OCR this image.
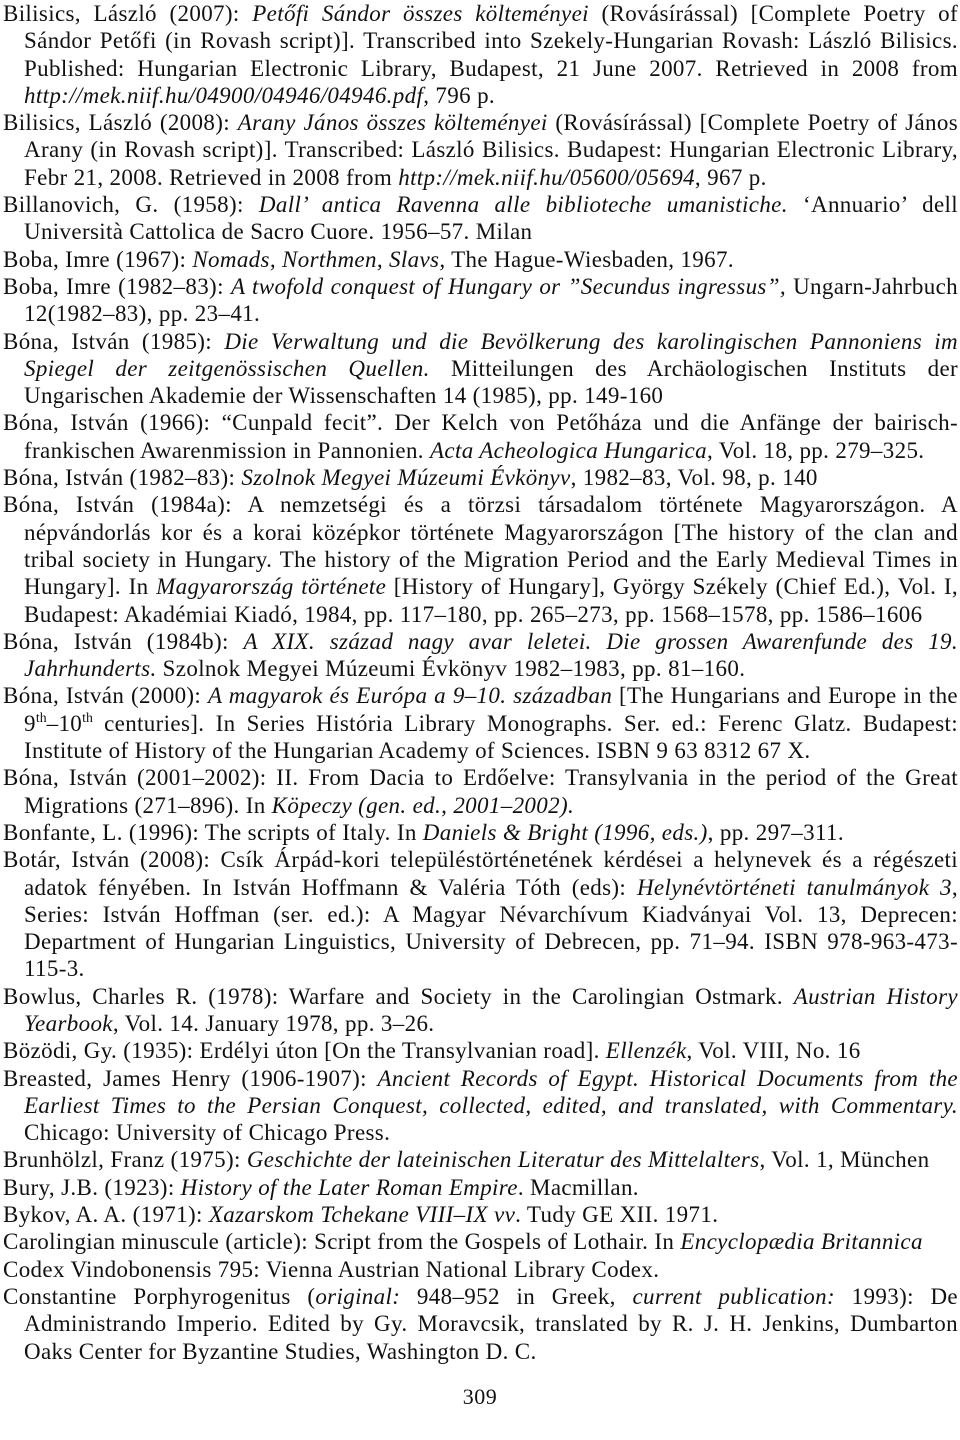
Bilisics, László (2007): Petőfi Sándor összes költeményei (Rovásírással) [Complete Poetry of
Sándor Petőfi (in Rovash script)]. Transcribed into Szekely-Hungarian Rovash: László Bilisics.
Published: Hungarian Electronic Library, Budapest, 21 June 2007. Retrieved in 2008 from
http://mek.niif.hu/04900/04946/04946.pdf, 796 p.
Bilisics, László (2008): Arany János összes költeményei (Rovásírással) [Complete Poetry of János
Arany (in Rovash script)]. Transcribed: László Bilisics. Budapest: Hungarian Electronic Library,
Febr 21, 2008. Retrieved in 2008 from http://mek.niif.hu/05600/05694, 967 p.
Billanovich, G. (1958): Dall’ antica Ravenna alle biblioteche umanistiche. ‘Annuario’ dell
Università Cattolica de Sacro Cuore. 1956–57. Milan
Boba, Imre (1967): Nomads, Northmen, Slavs, The Hague-Wiesbaden, 1967.
Boba, Imre (1982–83): A twofold conquest of Hungary or ”Secundus ingressus”, Ungarn-Jahrbuch
12(1982–83), pp. 23–41.
Bóna, István (1985): Die Verwaltung und die Bevölkerung des karolingischen Pannoniens im
Spiegel der zeitgenössischen Quellen. Mitteilungen des Archäologischen Instituts der
Ungarischen Akademie der Wissenschaften 14 (1985), pp. 149-160
Bóna, István (1966): “Cunpald fecit”. Der Kelch von Petőháza und die Anfänge der bairisch-
frankischen Awarenmission in Pannonien. Acta Acheologica Hungarica, Vol. 18, pp. 279–325.
Bóna, István (1982–83): Szolnok Megyei Múzeumi Évkönyv, 1982–83, Vol. 98, p. 140
Bóna, István (1984a): A nemzetségi és a törzsi társadalom története Magyarországon. A
népvándorlás kor és a korai középkor története Magyarországon [The history of the clan and
tribal society in Hungary. The history of the Migration Period and the Early Medieval Times in
Hungary]. In Magyarország története [History of Hungary], György Székely (Chief Ed.), Vol. I,
Budapest: Akadémiai Kiadó, 1984, pp. 117–180, pp. 265–273, pp. 1568–1578, pp. 1586–1606
Bóna, István (1984b): A XIX. század nagy avar leletei. Die grossen Awarenfunde des 19.
Jahrhunderts. Szolnok Megyei Múzeumi Évkönyv 1982–1983, pp. 81–160.
Bóna, István (2000): A magyarok és Európa a 9–10. században [The Hungarians and Europe in the
9th–10th centuries]. In Series História Library Monographs. Ser. ed.: Ferenc Glatz. Budapest:
Institute of History of the Hungarian Academy of Sciences. ISBN 9 63 8312 67 X.
Bóna, István (2001–2002): II. From Dacia to Erdőelve: Transylvania in the period of the Great
Migrations (271–896). In Köpeczy (gen. ed., 2001–2002).
Bonfante, L. (1996): The scripts of Italy. In Daniels & Bright (1996, eds.), pp. 297–311.
Botár, István (2008): Csík Árpád-kori településtörténetének kérdései a helynevek és a régészeti
adatok fényében. In István Hoffmann & Valéria Tóth (eds): Helynévtörténeti tanulmányok 3,
Series: István Hoffman (ser. ed.): A Magyar Névarchívum Kiadványai Vol. 13, Deprecen:
Department of Hungarian Linguistics, University of Debrecen, pp. 71–94. ISBN 978-963-473-
115-3.
Bowlus, Charles R. (1978): Warfare and Society in the Carolingian Ostmark. Austrian History
Yearbook, Vol. 14. January 1978, pp. 3–26.
Bözödi, Gy. (1935): Erdélyi úton [On the Transylvanian road]. Ellenzék, Vol. VIII, No. 16
Breasted, James Henry (1906-1907): Ancient Records of Egypt. Historical Documents from the
Earliest Times to the Persian Conquest, collected, edited, and translated, with Commentary.
Chicago: University of Chicago Press.
Brunhölzl, Franz (1975): Geschichte der lateinischen Literatur des Mittelalters, Vol. 1, München
Bury, J.B. (1923): History of the Later Roman Empire. Macmillan.
Bykov, A. A. (1971): Xazarskom Tchekane VIII–IX vv. Tudy GE XII. 1971.
Carolingian minuscule (article): Script from the Gospels of Lothair. In Encyclopædia Britannica
Codex Vindobonensis 795: Vienna Austrian National Library Codex.
Constantine Porphyrogenitus (original: 948–952 in Greek, current publication: 1993): De
Administrando Imperio. Edited by Gy. Moravcsik, translated by R. J. H. Jenkins, Dumbarton
Oaks Center for Byzantine Studies, Washington D. C.
309
